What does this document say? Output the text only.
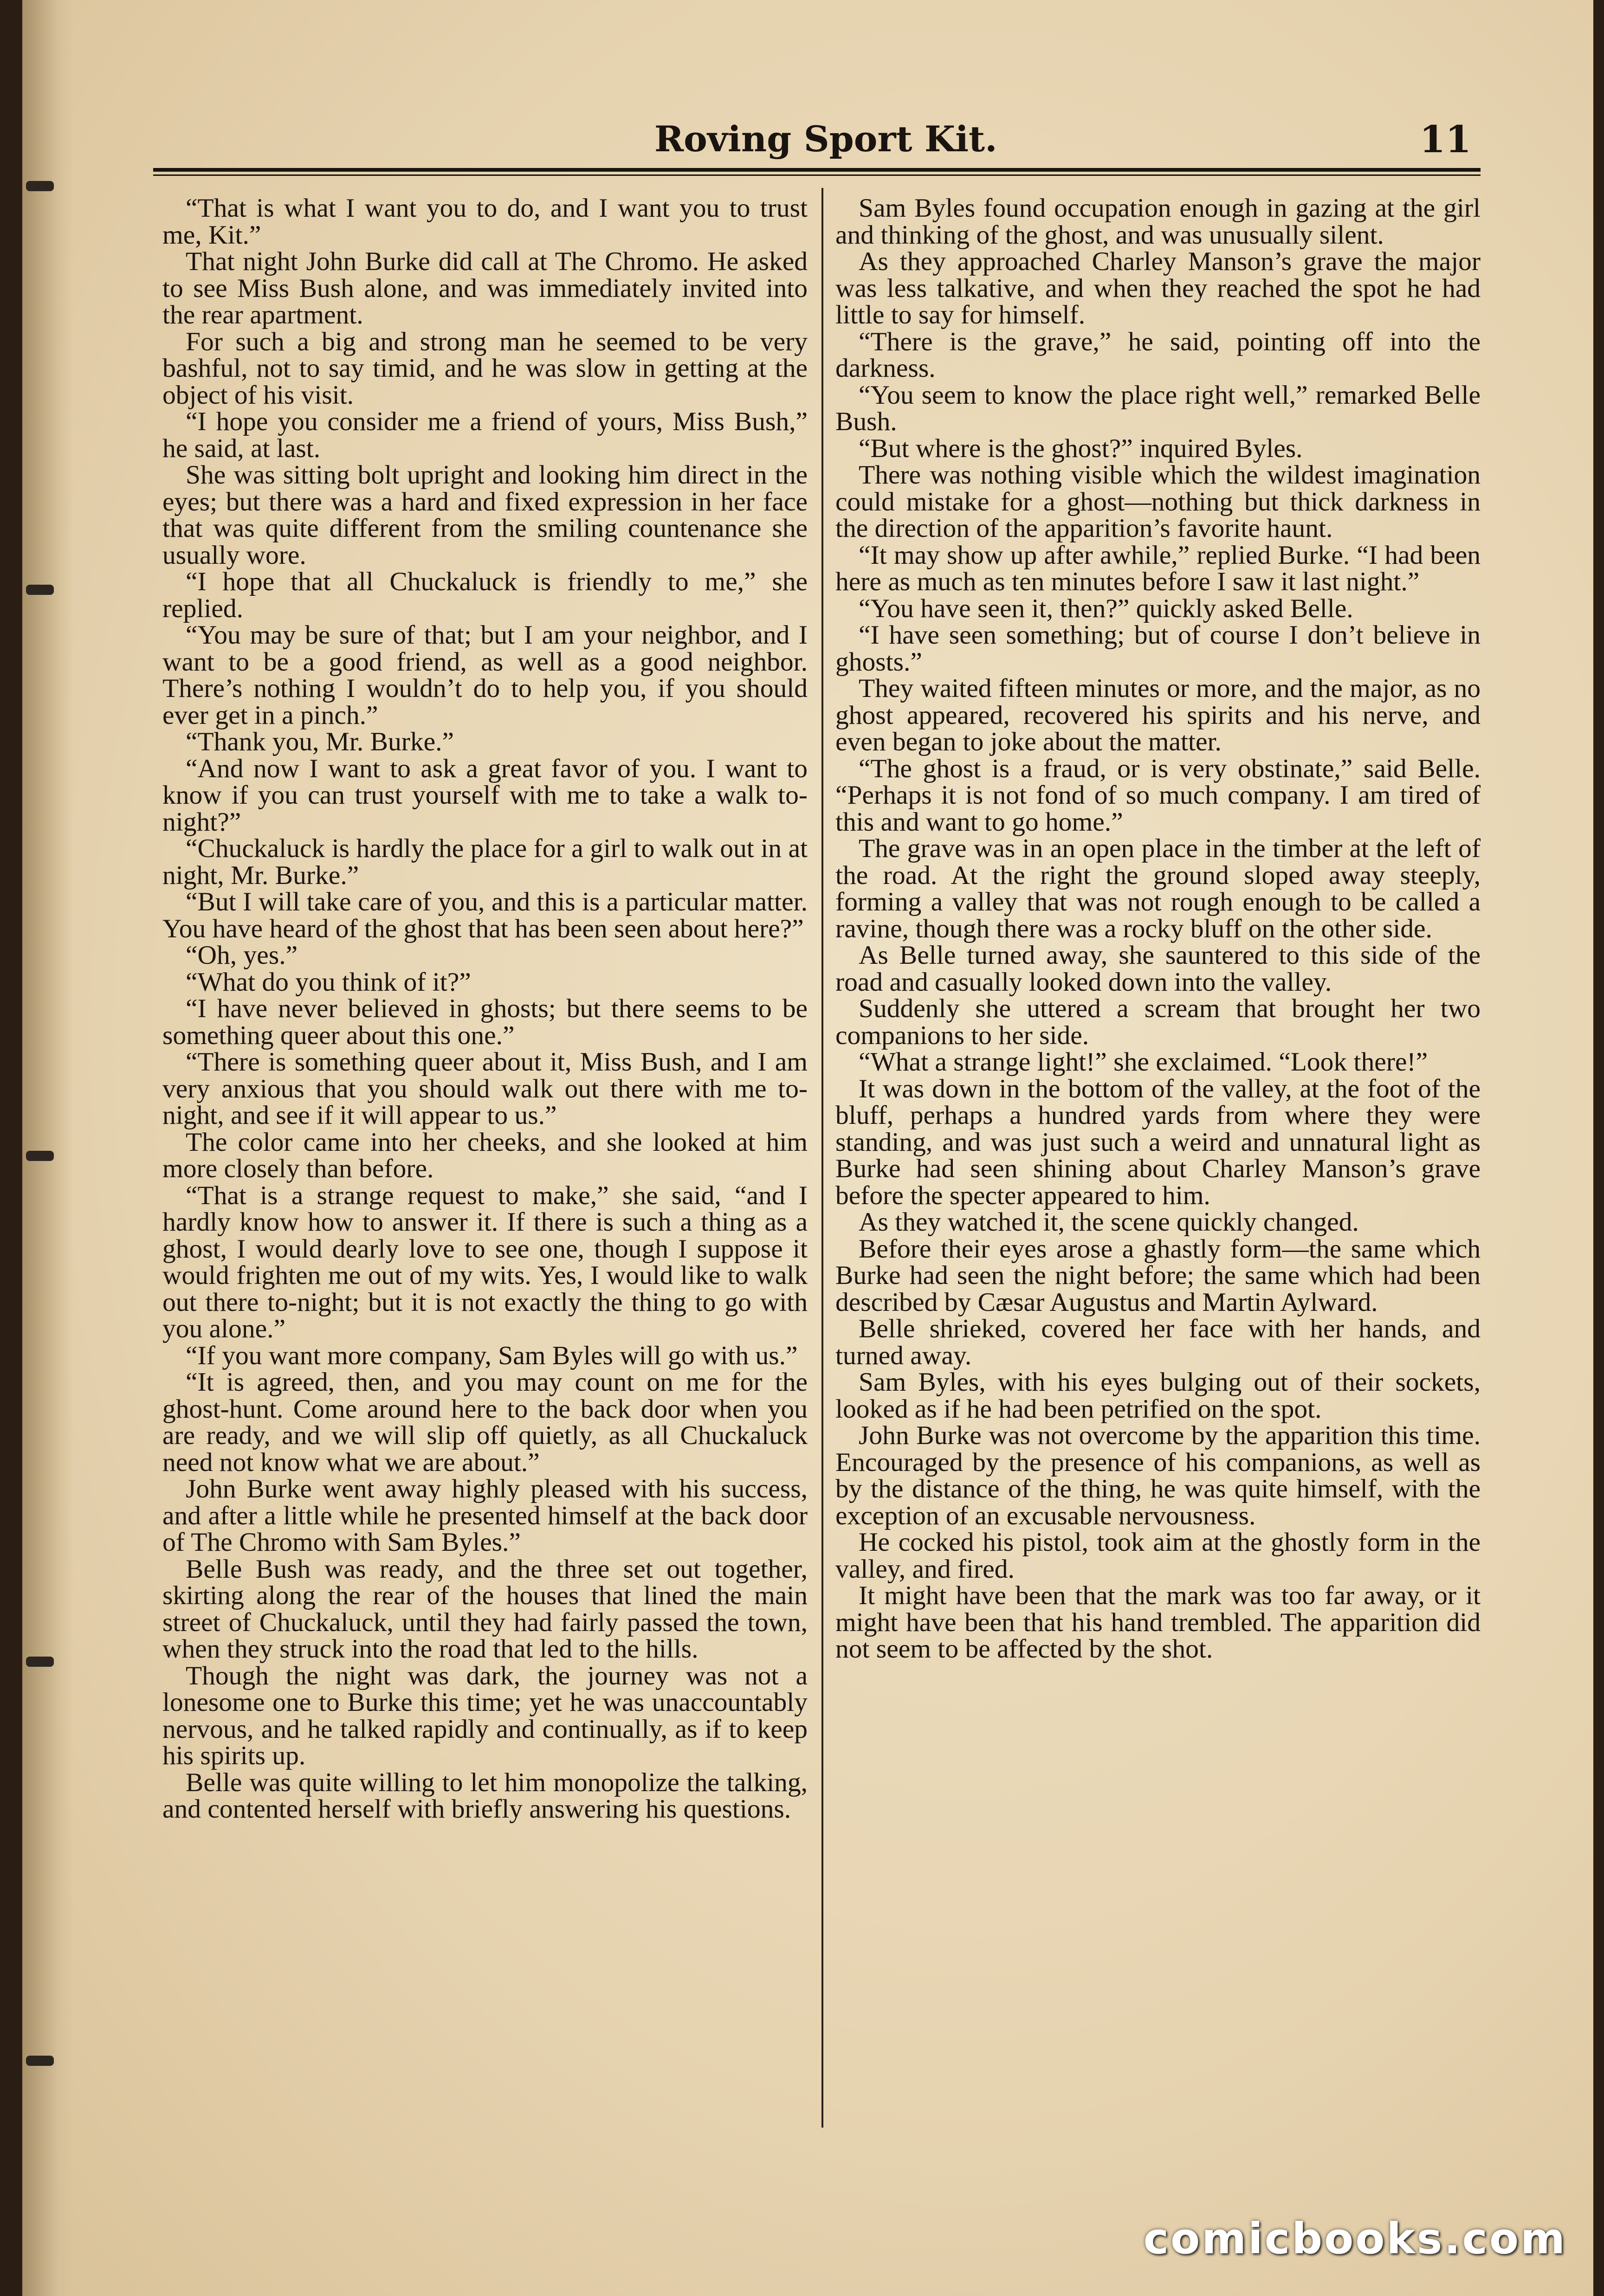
Roving Sport Kit.	11

“That is what I want you to do, and I want you to trust me, Kit.”

That night John Burke did call at The Chromo. He asked to see Miss Bush alone, and was immediately invited into the rear apartment.

For such a big and strong man he seemed to be very bashful, not to say timid, and he was slow in getting at the object of his visit.

“I hope you consider me a friend of yours, Miss Bush,” he said, at last.

She was sitting bolt upright and looking him direct in the eyes; but there was a hard and fixed expression in her face that was quite different from the smiling countenance she usually wore.

“I hope that all Chuckaluck is friendly to me,” she replied.

“You may be sure of that; but I am your neighbor, and I want to be a good friend, as well as a good neighbor. There’s nothing I wouldn’t do to help you, if you should ever get in a pinch.”

“Thank you, Mr. Burke.”

“And now I want to ask a great favor of you. I want to know if you can trust yourself with me to take a walk to-night?”

“Chuckaluck is hardly the place for a girl to walk out in at night, Mr. Burke.”

“But I will take care of you, and this is a particular matter. You have heard of the ghost that has been seen about here?”

“Oh, yes.”

“What do you think of it?”

“I have never believed in ghosts; but there seems to be something queer about this one.”

“There is something queer about it, Miss Bush, and I am very anxious that you should walk out there with me to-night, and see if it will appear to us.”

The color came into her cheeks, and she looked at him more closely than before.

“That is a strange request to make,” she said, “and I hardly know how to answer it. If there is such a thing as a ghost, I would dearly love to see one, though I suppose it would frighten me out of my wits. Yes, I would like to walk out there to-night; but it is not exactly the thing to go with you alone.”

“If you want more company, Sam Byles will go with us.”

“It is agreed, then, and you may count on me for the ghost-hunt. Come around here to the back door when you are ready, and we will slip off quietly, as all Chuckaluck need not know what we are about.”

John Burke went away highly pleased with his success, and after a little while he presented himself at the back door of The Chromo with Sam Byles.”

Belle Bush was ready, and the three set out together, skirting along the rear of the houses that lined the main street of Chuckaluck, until they had fairly passed the town, when they struck into the road that led to the hills.

Though the night was dark, the journey was not a lonesome one to Burke this time; yet he was unaccountably nervous, and he talked rapidly and continually, as if to keep his spirits up.

Belle was quite willing to let him monopolize the talking, and contented herself with briefly answering his questions.

Sam Byles found occupation enough in gazing at the girl and thinking of the ghost, and was unusually silent.

As they approached Charley Manson’s grave the major was less talkative, and when they reached the spot he had little to say for himself.

“There is the grave,” he said, pointing off into the darkness.

“You seem to know the place right well,” remarked Belle Bush.

“But where is the ghost?” inquired Byles.

There was nothing visible which the wildest imagination could mistake for a ghost—nothing but thick darkness in the direction of the apparition’s favorite haunt.

“It may show up after awhile,” replied Burke. “I had been here as much as ten minutes before I saw it last night.”

“You have seen it, then?” quickly asked Belle.

“I have seen something; but of course I don’t believe in ghosts.”

They waited fifteen minutes or more, and the major, as no ghost appeared, recovered his spirits and his nerve, and even began to joke about the matter.

“The ghost is a fraud, or is very obstinate,” said Belle. “Perhaps it is not fond of so much company. I am tired of this and want to go home.”

The grave was in an open place in the timber at the left of the road. At the right the ground sloped away steeply, forming a valley that was not rough enough to be called a ravine, though there was a rocky bluff on the other side.

As Belle turned away, she sauntered to this side of the road and casually looked down into the valley.

Suddenly she uttered a scream that brought her two companions to her side.

“What a strange light!” she exclaimed. “Look there!”

It was down in the bottom of the valley, at the foot of the bluff, perhaps a hundred yards from where they were standing, and was just such a weird and unnatural light as Burke had seen shining about Charley Manson’s grave before the specter appeared to him.

As they watched it, the scene quickly changed.

Before their eyes arose a ghastly form—the same which Burke had seen the night before; the same which had been described by Cæsar Augustus and Martin Aylward.

Belle shrieked, covered her face with her hands, and turned away.

Sam Byles, with his eyes bulging out of their sockets, looked as if he had been petrified on the spot.

John Burke was not overcome by the apparition this time. Encouraged by the presence of his companions, as well as by the distance of the thing, he was quite himself, with the exception of an excusable nervousness.

He cocked his pistol, took aim at the ghostly form in the valley, and fired.

It might have been that the mark was too far away, or it might have been that his hand trembled. The apparition did not seem to be affected by the shot.

comicbooks.com
